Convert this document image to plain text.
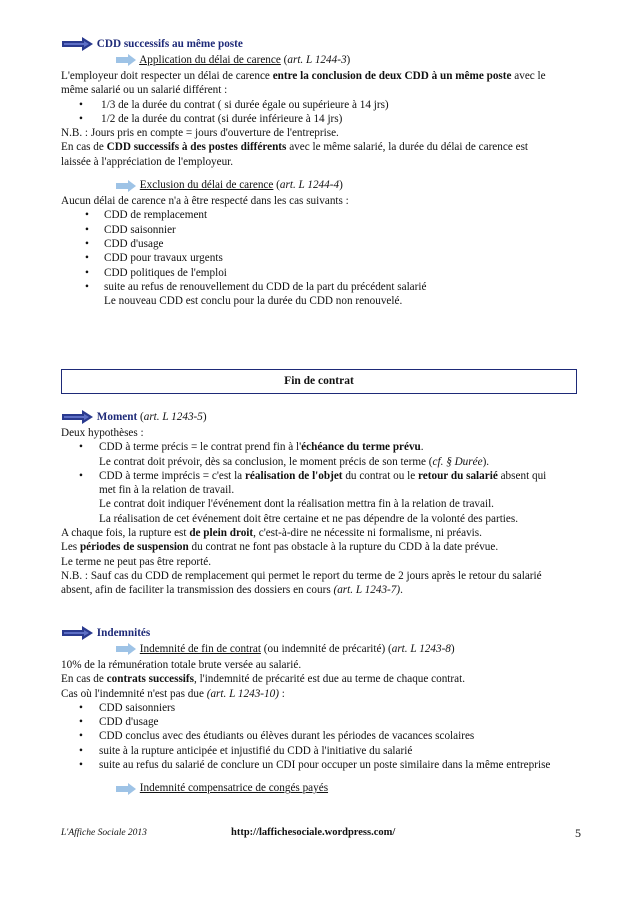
CDD successifs au même poste
Application du délai de carence (art. L 1244-3)
L'employeur doit respecter un délai de carence entre la conclusion de deux CDD à un même poste avec le
même salarié ou un salarié différent :
• 1/3 de la durée du contrat ( si durée égale ou supérieure à 14 jrs)
• 1/2 de la durée du contrat (si durée inférieure à 14 jrs)
N.B. : Jours pris en compte = jours d'ouverture de l'entreprise.
En cas de CDD successifs à des postes différents avec le même salarié, la durée du délai de carence est
laissée à l'appréciation de l'employeur.
Exclusion du délai de carence (art. L 1244-4)
Aucun délai de carence n'a à être respecté dans les cas suivants :
• CDD de remplacement
• CDD saisonnier
• CDD d'usage
• CDD pour travaux urgents
• CDD politiques de l'emploi
• suite au refus de renouvellement du CDD de la part du précédent salarié
Le nouveau CDD est conclu pour la durée du CDD non renouvelé.
Fin de contrat
Moment (art. L 1243-5)
Deux hypothèses :
• CDD à terme précis = le contrat prend fin à l'échéance du terme prévu.
Le contrat doit prévoir, dès sa conclusion, le moment précis de son terme (cf. § Durée).
• CDD à terme imprécis = c'est la réalisation de l'objet du contrat ou le retour du salarié absent qui
met fin à la relation de travail.
Le contrat doit indiquer l'événement dont la réalisation mettra fin à la relation de travail.
La réalisation de cet événement doit être certaine et ne pas dépendre de la volonté des parties.
A chaque fois, la rupture est de plein droit, c'est-à-dire ne nécessite ni formalisme, ni préavis.
Les périodes de suspension du contrat ne font pas obstacle à la rupture du CDD à la date prévue.
Le terme ne peut pas être reporté.
N.B. : Sauf cas du CDD de remplacement qui permet le report du terme de 2 jours après le retour du salarié
absent, afin de faciliter la transmission des dossiers en cours (art. L 1243-7).
Indemnités
Indemnité de fin de contrat (ou indemnité de précarité) (art. L 1243-8)
10% de la rémunération totale brute versée au salarié.
En cas de contrats successifs, l'indemnité de précarité est due au terme de chaque contrat.
Cas où l'indemnité n'est pas due (art. L 1243-10) :
• CDD saisonniers
• CDD d'usage
• CDD conclus avec des étudiants ou élèves durant les périodes de vacances scolaires
• suite à la rupture anticipée et injustifié du CDD à l'initiative du salarié
• suite au refus du salarié de conclure un CDI pour occuper un poste similaire dans la même entreprise
Indemnité compensatrice de congés payés
L'Affiche Sociale 2013	http://laffichesociale.wordpress.com/	5
